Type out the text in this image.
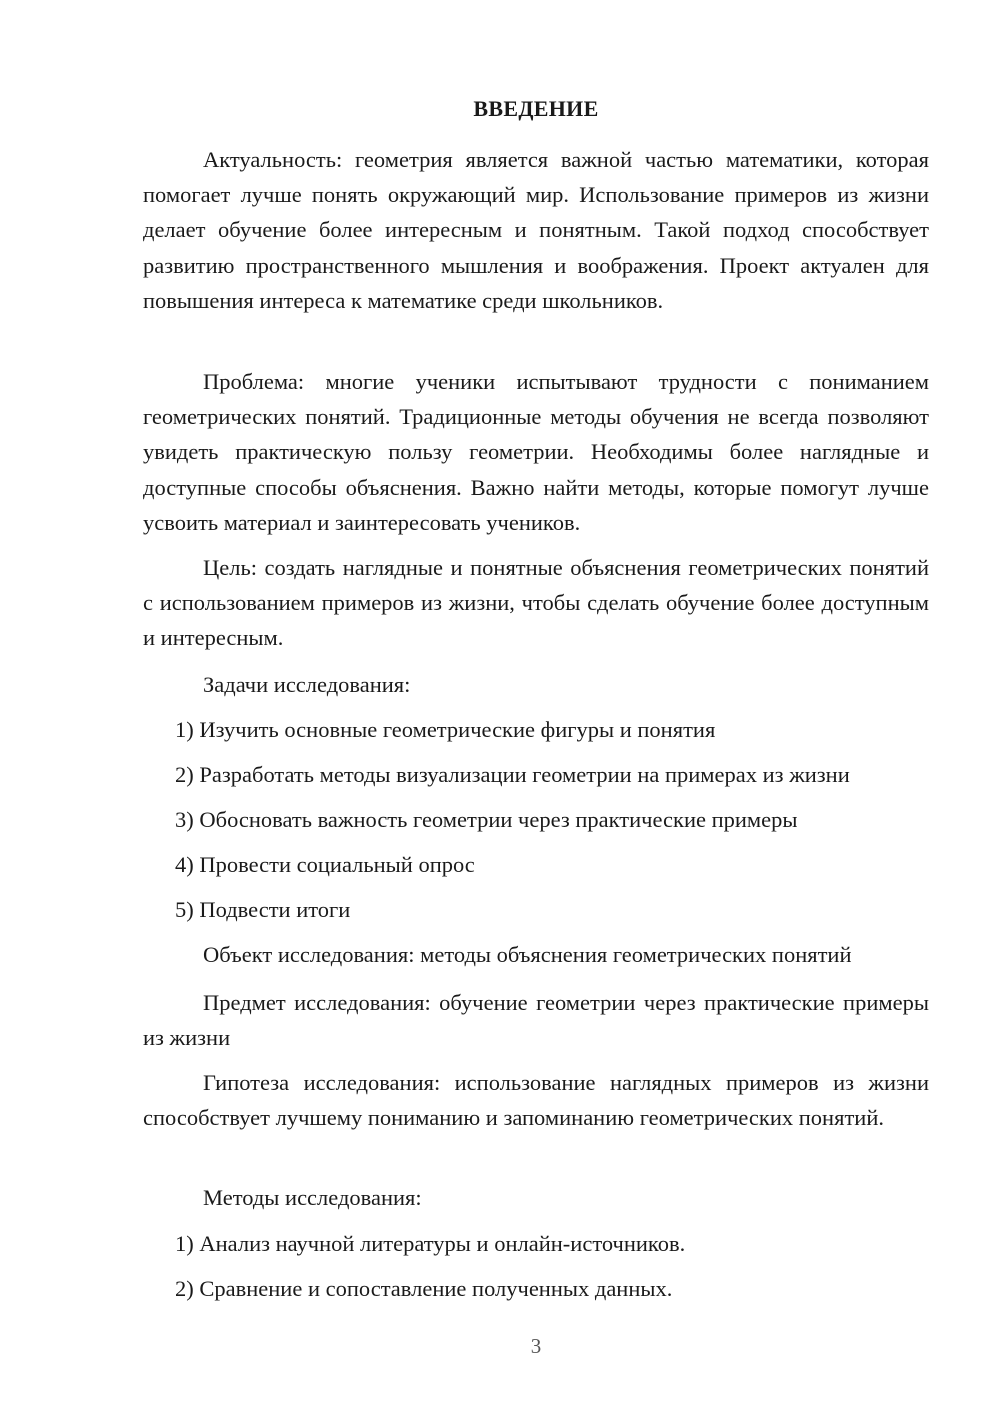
ВВЕДЕНИЕ

Актуальность: геометрия является важной частью математики, которая помогает лучше понять окружающий мир. Использование примеров из жизни делает обучение более интересным и понятным. Такой подход способствует развитию пространственного мышления и воображения. Проект актуален для повышения интереса к математике среди школьников.

Проблема: многие ученики испытывают трудности с пониманием геометрических понятий. Традиционные методы обучения не всегда позволяют увидеть практическую пользу геометрии. Необходимы более наглядные и доступные способы объяснения. Важно найти методы, которые помогут лучше усвоить материал и заинтересовать учеников.

Цель: создать наглядные и понятные объяснения геометрических понятий с использованием примеров из жизни, чтобы сделать обучение более доступным и интересным.

Задачи исследования:

1) Изучить основные геометрические фигуры и понятия

2) Разработать методы визуализации геометрии на примерах из жизни

3) Обосновать важность геометрии через практические примеры

4) Провести социальный опрос

5) Подвести итоги

Объект исследования: методы объяснения геометрических понятий

Предмет исследования: обучение геометрии через практические примеры из жизни

Гипотеза исследования: использование наглядных примеров из жизни способствует лучшему пониманию и запоминанию геометрических понятий.

Методы исследования:

1) Анализ научной литературы и онлайн-источников.

2) Сравнение и сопоставление полученных данных.

3
